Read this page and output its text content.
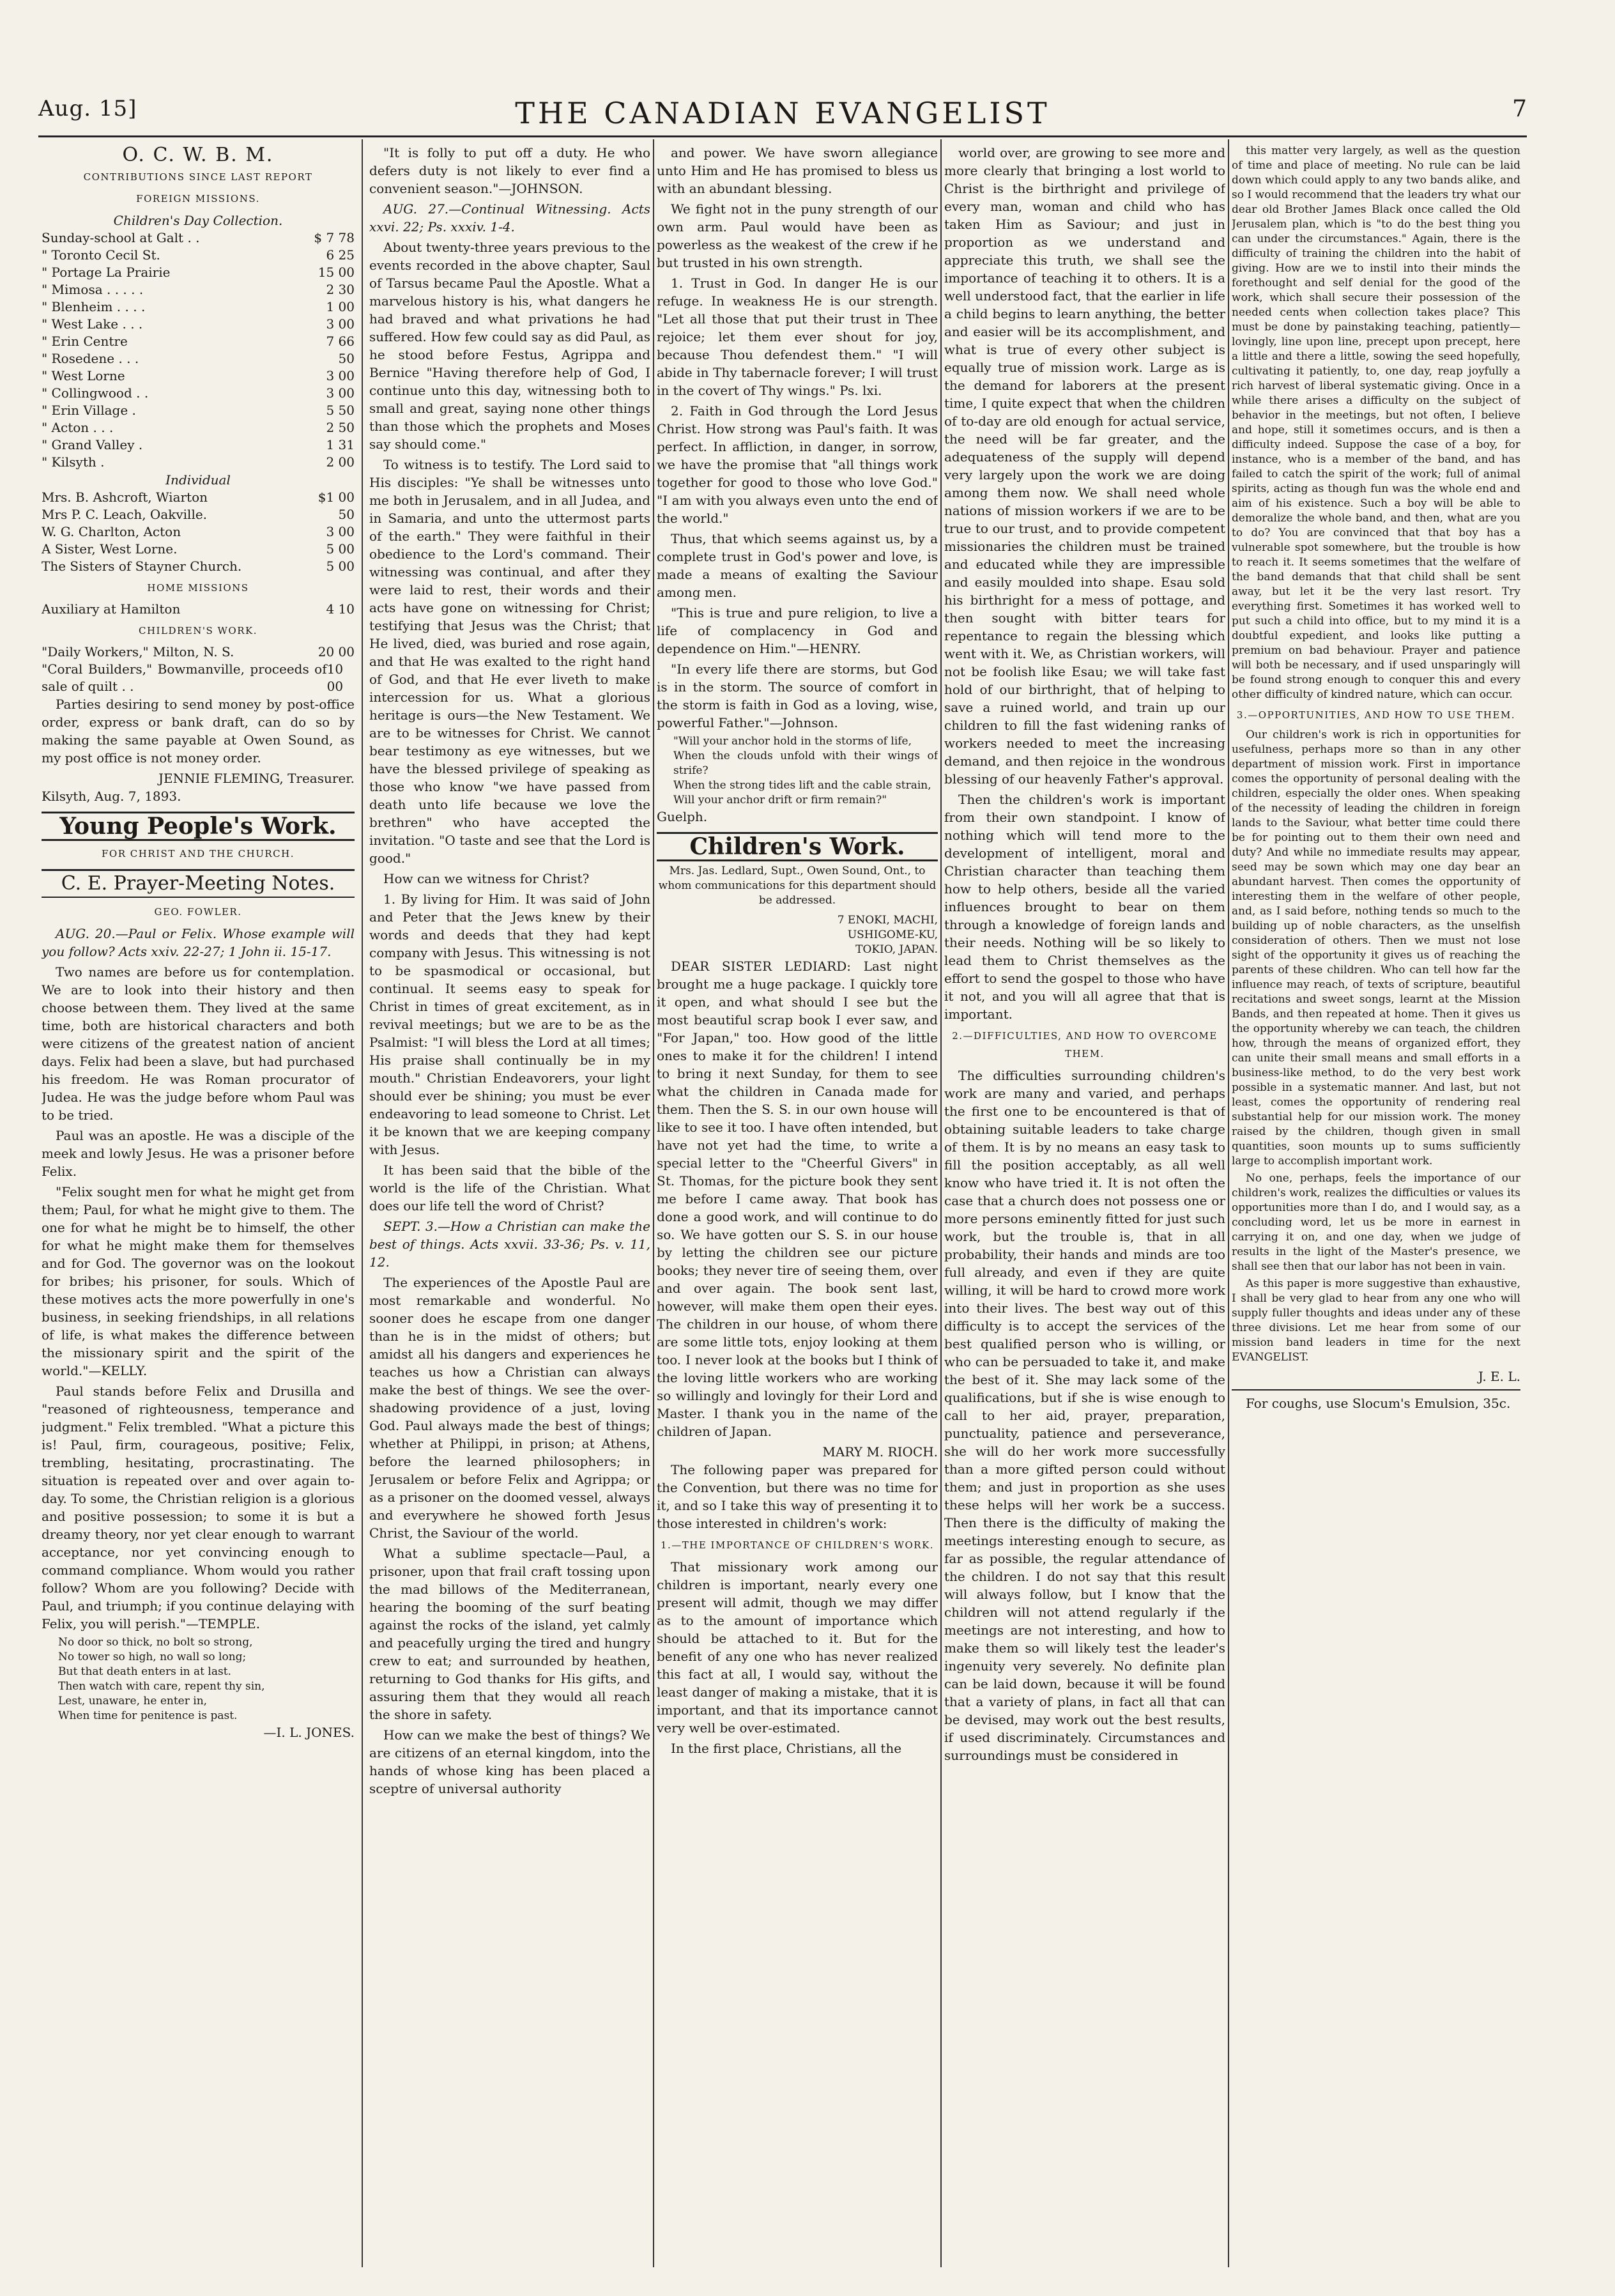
Aug. 15]	THE CANADIAN EVANGELIST	7
O. C. W. B. M.
CONTRIBUTIONS SINCE LAST REPORT
FOREIGN MISSIONS.
Children's Day Collection.
Sunday-school at Galt . .	$ 7 78
" Toronto Cecil St.	6 25
" Portage La Prairie	15 00
" Mimosa . . . . .	2 30
" Blenheim . . . .	1 00
" West Lake . . .	3 00
" Erin Centre	7 66
" Rosedene . . .	50
" West Lorne	3 00
" Collingwood . .	3 00
" Erin Village .	5 50
" Acton . . .	2 50
" Grand Valley .	1 31
" Kilsyth .	2 00
Individual
Mrs. B. Ashcroft, Wiarton	$1 00
Mrs P. C. Leach, Oakville.	50
W. G. Charlton, Acton	3 00
A Sister, West Lorne.	5 00
The Sisters of Stayner Church.	5 00
HOME MISSIONS
Auxiliary at Hamilton	4 10
CHILDREN'S WORK.
"Daily Workers," Milton, N. S.	20 00
"Coral Builders," Bowmanville, proceeds of sale of quilt . .
10 00

Parties desiring to send money by post-office order, express or bank draft, can do so by making the same payable at Owen Sound, as my post office is not money order.

JENNIE FLEMING, Treasurer.
Kilsyth, Aug. 7, 1893.
Young People's Work.
FOR CHRIST AND THE CHURCH.
C. E. Prayer-Meeting Notes.
GEO. FOWLER.

AUG. 20.—Paul or Felix. Whose example will you follow? Acts xxiv. 22-27; 1 John ii. 15-17.

Two names are before us for contemplation. We are to look into their history and then choose between them. They lived at the same time, both are historical characters and both were citizens of the greatest nation of ancient days. Felix had been a slave, but had purchased his freedom. He was Roman procurator of Judea. He was the judge before whom Paul was to be tried.

Paul was an apostle. He was a disciple of the meek and lowly Jesus. He was a prisoner before Felix.

"Felix sought men for what he might get from them; Paul, for what he might give to them. The one for what he might be to himself, the other for what he might make them for themselves and for God. The governor was on the lookout for bribes; his prisoner, for souls. Which of these motives acts the more powerfully in one's business, in seeking friendships, in all relations of life, is what makes the difference between the missionary spirit and the spirit of the world."—KELLY.

Paul stands before Felix and Drusilla and "reasoned of righteousness, temperance and judgment." Felix trembled. "What a picture this is! Paul, firm, courageous, positive; Felix, trembling, hesitating, procrastinating. The situation is repeated over and over again to-day. To some, the Christian religion is a glorious and positive possession; to some it is but a dreamy theory, nor yet clear enough to warrant acceptance, nor yet convincing enough to command compliance. Whom would you rather follow? Whom are you following? Decide with Paul, and triumph; if you continue delaying with Felix, you will perish."—TEMPLE.

No door so thick, no bolt so strong,
No tower so high, no wall so long;
But that death enters in at last.
Then watch with care, repent thy sin,
Lest, unaware, he enter in,
When time for penitence is past.
—I. L. JONES.

"It is folly to put off a duty. He who defers duty is not likely to ever find a convenient season."—JOHNSON.

AUG. 27.—Continual Witnessing. Acts xxvi. 22; Ps. xxxiv. 1-4.

About twenty-three years previous to the events recorded in the above chapter, Saul of Tarsus became Paul the Apostle. What a marvelous history is his, what dangers he had braved and what privations he had suffered. How few could say as did Paul, as he stood before Festus, Agrippa and Bernice "Having therefore help of God, I continue unto this day, witnessing both to small and great, saying none other things than those which the prophets and Moses say should come."

To witness is to testify. The Lord said to His disciples: "Ye shall be witnesses unto me both in Jerusalem, and in all Judea, and in Samaria, and unto the uttermost parts of the earth." They were faithful in their obedience to the Lord's command. Their witnessing was continual, and after they were laid to rest, their words and their acts have gone on witnessing for Christ; testifying that Jesus was the Christ; that He lived, died, was buried and rose again, and that He was exalted to the right hand of God, and that He ever liveth to make intercession for us. What a glorious heritage is ours—the New Testament. We are to be witnesses for Christ. We cannot bear testimony as eye witnesses, but we have the blessed privilege of speaking as those who know "we have passed from death unto life because we love the brethren" who have accepted the invitation. "O taste and see that the Lord is good."

How can we witness for Christ?

1. By living for Him. It was said of John and Peter that the Jews knew by their words and deeds that they had kept company with Jesus. This witnessing is not to be spasmodical or occasional, but continual. It seems easy to speak for Christ in times of great excitement, as in revival meetings; but we are to be as the Psalmist: "I will bless the Lord at all times; His praise shall continually be in my mouth." Christian Endeavorers, your light should ever be shining; you must be ever endeavoring to lead someone to Christ. Let it be known that we are keeping company with Jesus.

It has been said that the bible of the world is the life of the Christian. What does our life tell the word of Christ?

SEPT. 3.—How a Christian can make the best of things. Acts xxvii. 33-36; Ps. v. 11, 12.

The experiences of the Apostle Paul are most remarkable and wonderful. No sooner does he escape from one danger than he is in the midst of others; but amidst all his dangers and experiences he teaches us how a Christian can always make the best of things. We see the over-shadowing providence of a just, loving God. Paul always made the best of things; whether at Philippi, in prison; at Athens, before the learned philosophers; in Jerusalem or before Felix and Agrippa; or as a prisoner on the doomed vessel, always and everywhere he showed forth Jesus Christ, the Saviour of the world.

What a sublime spectacle—Paul, a prisoner, upon that frail craft tossing upon the mad billows of the Mediterranean, hearing the booming of the surf beating against the rocks of the island, yet calmly and peacefully urging the tired and hungry crew to eat; and surrounded by heathen, returning to God thanks for His gifts, and assuring them that they would all reach the shore in safety.

How can we make the best of things? We are citizens of an eternal kingdom, into the hands of whose king has been placed a sceptre of universal authority

and power. We have sworn allegiance unto Him and He has promised to bless us with an abundant blessing.

We fight not in the puny strength of our own arm. Paul would have been as powerless as the weakest of the crew if he but trusted in his own strength.

1. Trust in God. In danger He is our refuge. In weakness He is our strength. "Let all those that put their trust in Thee rejoice; let them ever shout for joy, because Thou defendest them." "I will abide in Thy tabernacle forever; I will trust in the covert of Thy wings." Ps. lxi.

2. Faith in God through the Lord Jesus Christ. How strong was Paul's faith. It was perfect. In affliction, in danger, in sorrow, we have the promise that "all things work together for good to those who love God." "I am with you always even unto the end of the world."

Thus, that which seems against us, by a complete trust in God's power and love, is made a means of exalting the Saviour among men.

"This is true and pure religion, to live a life of complacency in God and dependence on Him."—HENRY.

"In every life there are storms, but God is in the storm. The source of comfort in the storm is faith in God as a loving, wise, powerful Father."—Johnson.

"Will your anchor hold in the storms of life,
When the clouds unfold with their wings of strife?
When the strong tides lift and the cable strain,
Will your anchor drift or firm remain?"
Guelph.
Children's Work.
Mrs. Jas. Ledlard, Supt., Owen Sound, Ont., to whom communications for this department should be addressed.
7 ENOKI, MACHI,
USHIGOME-KU,
TOKIO, JAPAN.

DEAR SISTER LEDIARD: Last night brought me a huge package. I quickly tore it open, and what should I see but the most beautiful scrap book I ever saw, and "For Japan," too. How good of the little ones to make it for the children! I intend to bring it next Sunday, for them to see what the children in Canada made for them. Then the S. S. in our own house will like to see it too. I have often intended, but have not yet had the time, to write a special letter to the "Cheerful Givers" in St. Thomas, for the picture book they sent me before I came away. That book has done a good work, and will continue to do so. We have gotten our S. S. in our house by letting the children see our picture books; they never tire of seeing them, over and over again. The book sent last, however, will make them open their eyes. The children in our house, of whom there are some little tots, enjoy looking at them too. I never look at the books but I think of the loving little workers who are working so willingly and lovingly for their Lord and Master. I thank you in the name of the children of Japan.

MARY M. RIOCH.

The following paper was prepared for the Convention, but there was no time for it, and so I take this way of presenting it to those interested in children's work:

1.—THE IMPORTANCE OF CHILDREN'S WORK.

That missionary work among our children is important, nearly every one present will admit, though we may differ as to the amount of importance which should be attached to it. But for the benefit of any one who has never realized this fact at all, I would say, without the least danger of making a mistake, that it is important, and that its importance cannot very well be over-estimated.

In the first place, Christians, all the

world over, are growing to see more and more clearly that bringing a lost world to Christ is the birthright and privilege of every man, woman and child who has taken Him as Saviour; and just in proportion as we understand and appreciate this truth, we shall see the importance of teaching it to others. It is a well understood fact, that the earlier in life a child begins to learn anything, the better and easier will be its accomplishment, and what is true of every other subject is equally true of mission work. Large as is the demand for laborers at the present time, I quite expect that when the children of to-day are old enough for actual service, the need will be far greater, and the adequateness of the supply will depend very largely upon the work we are doing among them now. We shall need whole nations of mission workers if we are to be true to our trust, and to provide competent missionaries the children must be trained and educated while they are impressible and easily moulded into shape. Esau sold his birthright for a mess of pottage, and then sought with bitter tears for repentance to regain the blessing which went with it. We, as Christian workers, will not be foolish like Esau; we will take fast hold of our birthright, that of helping to save a ruined world, and train up our children to fill the fast widening ranks of workers needed to meet the increasing demand, and then rejoice in the wondrous blessing of our heavenly Father's approval.

Then the children's work is important from their own standpoint. I know of nothing which will tend more to the development of intelligent, moral and Christian character than teaching them how to help others, beside all the varied influences brought to bear on them through a knowledge of foreign lands and their needs. Nothing will be so likely to lead them to Christ themselves as the effort to send the gospel to those who have it not, and you will all agree that that is important.

2.—DIFFICULTIES, AND HOW TO OVERCOME THEM.

The difficulties surrounding children's work are many and varied, and perhaps the first one to be encountered is that of obtaining suitable leaders to take charge of them. It is by no means an easy task to fill the position acceptably, as all well know who have tried it. It is not often the case that a church does not possess one or more persons eminently fitted for just such work, but the trouble is, that in all probability, their hands and minds are too full already, and even if they are quite willing, it will be hard to crowd more work into their lives. The best way out of this difficulty is to accept the services of the best qualified person who is willing, or who can be persuaded to take it, and make the best of it. She may lack some of the qualifications, but if she is wise enough to call to her aid, prayer, preparation, punctuality, patience and perseverance, she will do her work more successfully than a more gifted person could without them; and just in proportion as she uses these helps will her work be a success. Then there is the difficulty of making the meetings interesting enough to secure, as far as possible, the regular attendance of the children. I do not say that this result will always follow, but I know that the children will not attend regularly if the meetings are not interesting, and how to make them so will likely test the leader's ingenuity very severely. No definite plan can be laid down, because it will be found that a variety of plans, in fact all that can be devised, may work out the best results, if used discriminately. Circumstances and surroundings must be considered in

this matter very largely, as well as the question of time and place of meeting. No rule can be laid down which could apply to any two bands alike, and so I would recommend that the leaders try what our dear old Brother James Black once called the Old Jerusalem plan, which is "to do the best thing you can under the circumstances." Again, there is the difficulty of training the children into the habit of giving. How are we to instil into their minds the forethought and self denial for the good of the work, which shall secure their possession of the needed cents when collection takes place? This must be done by painstaking teaching, patiently—lovingly, line upon line, precept upon precept, here a little and there a little, sowing the seed hopefully, cultivating it patiently, to, one day, reap joyfully a rich harvest of liberal systematic giving. Once in a while there arises a difficulty on the subject of behavior in the meetings, but not often, I believe and hope, still it sometimes occurs, and is then a difficulty indeed. Suppose the case of a boy, for instance, who is a member of the band, and has failed to catch the spirit of the work; full of animal spirits, acting as though fun was the whole end and aim of his existence. Such a boy will be able to demoralize the whole band, and then, what are you to do? You are convinced that that boy has a vulnerable spot somewhere, but the trouble is how to reach it. It seems sometimes that the welfare of the band demands that that child shall be sent away, but let it be the very last resort. Try everything first. Sometimes it has worked well to put such a child into office, but to my mind it is a doubtful expedient, and looks like putting a premium on bad behaviour. Prayer and patience will both be necessary, and if used unsparingly will be found strong enough to conquer this and every other difficulty of kindred nature, which can occur.

3.—OPPORTUNITIES, AND HOW TO USE THEM.

Our children's work is rich in opportunities for usefulness, perhaps more so than in any other department of mission work. First in importance comes the opportunity of personal dealing with the children, especially the older ones. When speaking of the necessity of leading the children in foreign lands to the Saviour, what better time could there be for pointing out to them their own need and duty? And while no immediate results may appear, seed may be sown which may one day bear an abundant harvest. Then comes the opportunity of interesting them in the welfare of other people, and, as I said before, nothing tends so much to the building up of noble characters, as the unselfish consideration of others. Then we must not lose sight of the opportunity it gives us of reaching the parents of these children. Who can tell how far the influence may reach, of texts of scripture, beautiful recitations and sweet songs, learnt at the Mission Bands, and then repeated at home. Then it gives us the opportunity whereby we can teach, the children how, through the means of organized effort, they can unite their small means and small efforts in a business-like method, to do the very best work possible in a systematic manner. And last, but not least, comes the opportunity of rendering real substantial help for our mission work. The money raised by the children, though given in small quantities, soon mounts up to sums sufficiently large to accomplish important work.

No one, perhaps, feels the importance of our children's work, realizes the difficulties or values its opportunities more than I do, and I would say, as a concluding word, let us be more in earnest in carrying it on, and one day, when we judge of results in the light of the Master's presence, we shall see then that our labor has not been in vain.

As this paper is more suggestive than exhaustive, I shall be very glad to hear from any one who will supply fuller thoughts and ideas under any of these three divisions. Let me hear from some of our mission band leaders in time for the next EVANGELIST.

J. E. L.

For coughs, use Slocum's Emulsion, 35c.
